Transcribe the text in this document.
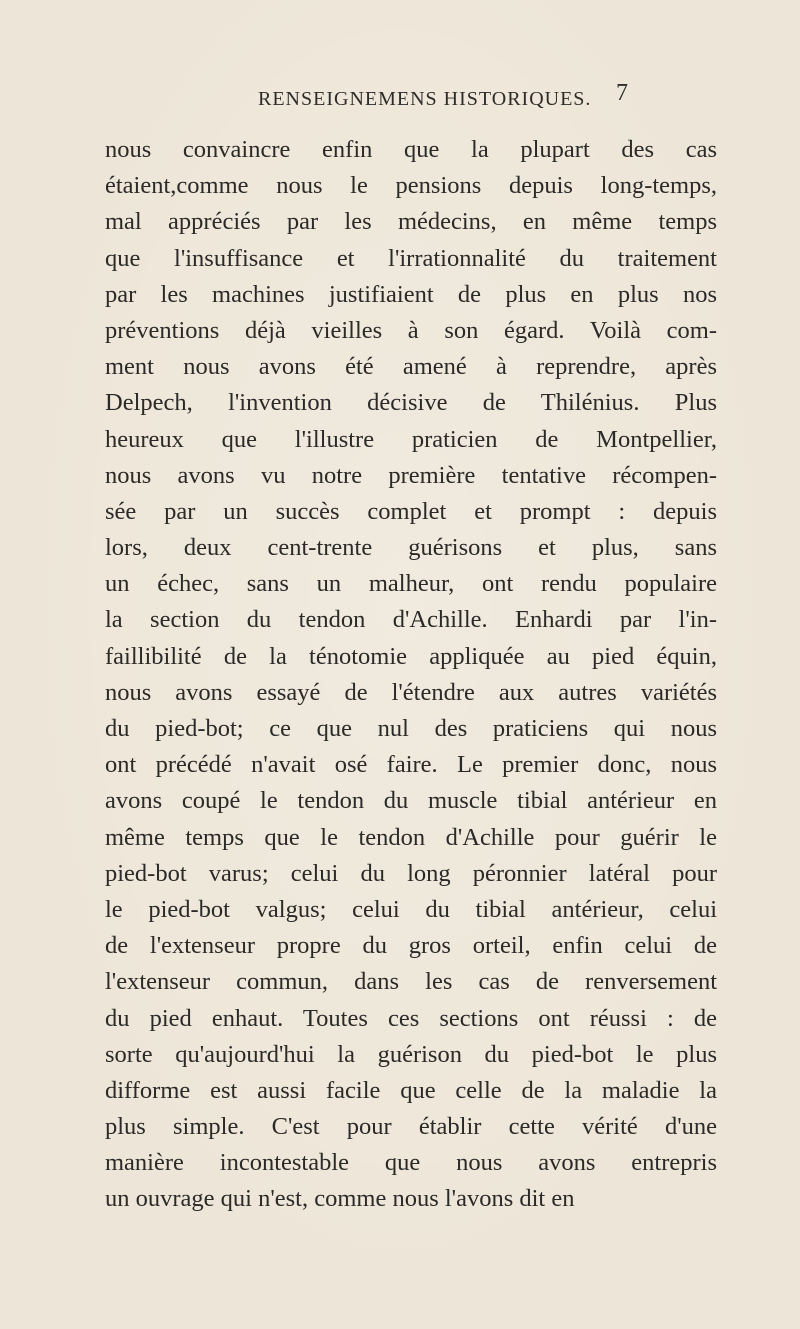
RENSEIGNEMENS HISTORIQUES. 7
nous convaincre enfin que la plupart des cas
étaient,comme nous le pensions depuis long-temps,
mal appréciés par les médecins, en même temps
que l'insuffisance et l'irrationnalité du traitement
par les machines justifiaient de plus en plus nos
préventions déjà vieilles à son égard. Voilà com-
ment nous avons été amené à reprendre, après
Delpech, l'invention décisive de Thilénius. Plus
heureux que l'illustre praticien de Montpellier,
nous avons vu notre première tentative récompen-
sée par un succès complet et prompt : depuis
lors, deux cent-trente guérisons et plus, sans
un échec, sans un malheur, ont rendu populaire
la section du tendon d'Achille. Enhardi par l'in-
faillibilité de la ténotomie appliquée au pied équin,
nous avons essayé de l'étendre aux autres variétés
du pied-bot; ce que nul des praticiens qui nous
ont précédé n'avait osé faire. Le premier donc, nous
avons coupé le tendon du muscle tibial antérieur en
même temps que le tendon d'Achille pour guérir le
pied-bot varus; celui du long péronnier latéral pour
le pied-bot valgus; celui du tibial antérieur, celui
de l'extenseur propre du gros orteil, enfin celui de
l'extenseur commun, dans les cas de renversement
du pied enhaut. Toutes ces sections ont réussi : de
sorte qu'aujourd'hui la guérison du pied-bot le plus
difforme est aussi facile que celle de la maladie la
plus simple. C'est pour établir cette vérité d'une
manière incontestable que nous avons entrepris
un ouvrage qui n'est, comme nous l'avons dit en
